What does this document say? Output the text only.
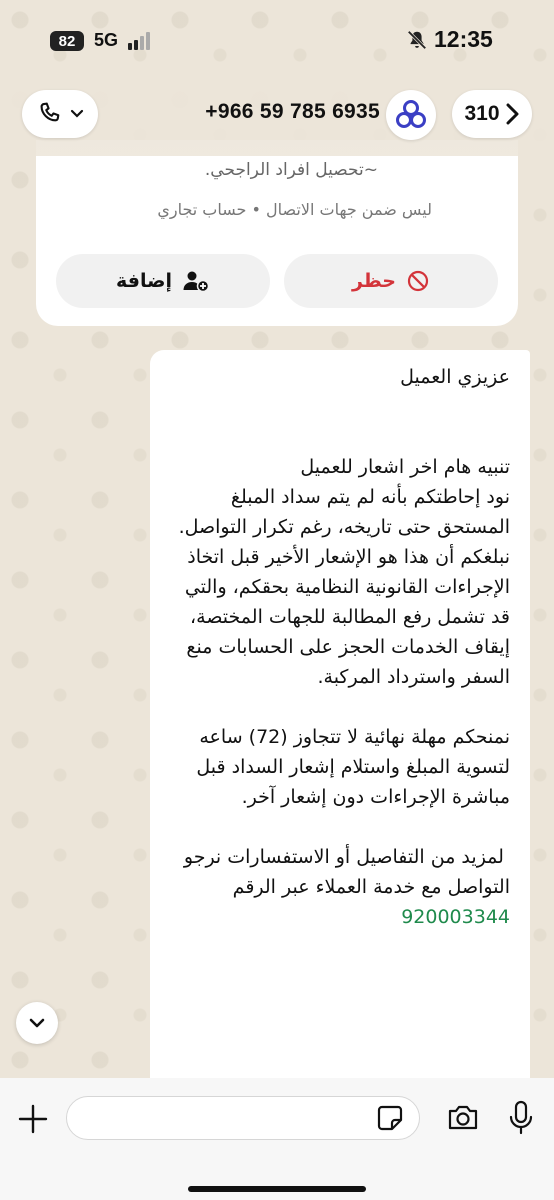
82	5G	12:35
+966 59 785 6935	310
~تحصيل افراد الراجحي.
ليس ضمن جهات الاتصال • حساب تجاري
حظر
إضافة
عزيزي العميل

تنبيه هام اخر اشعار للعميل
نود إحاطتكم بأنه لم يتم سداد المبلغ المستحق حتى تاريخه، رغم تكرار التواصل.
نبلغكم أن هذا هو الإشعار الأخير قبل اتخاذ الإجراءات القانونية النظامية بحقكم، والتي قد تشمل رفع المطالبة للجهات المختصة، إيقاف الخدمات الحجز على الحسابات منع السفر واسترداد المركبة.

نمنحكم مهلة نهائية لا تتجاوز (72) ساعه لتسوية المبلغ واستلام إشعار السداد قبل مباشرة الإجراءات دون إشعار آخر.

لمزيد من التفاصيل أو الاستفسارات نرجو التواصل مع خدمة العملاء عبر الرقم 920003344
